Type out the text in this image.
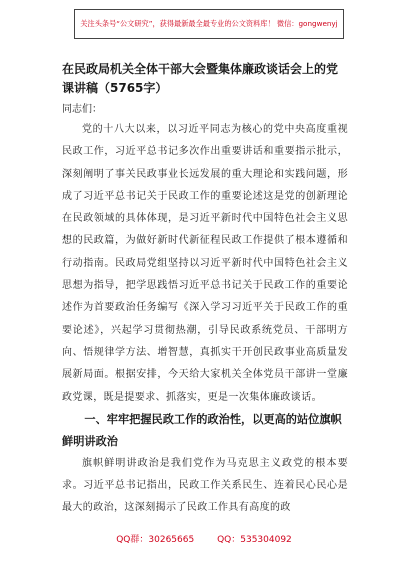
关注头条号“公文研究”，获得最新最全最专业的公文资料库！ 微信：gongwenyj

在民政局机关全体干部大会暨集体廉政谈话会上的党课讲稿（5765字）

同志们：

党的十八大以来，以习近平同志为核心的党中央高度重视民政工作，习近平总书记多次作出重要讲话和重要指示批示，深刻阐明了事关民政事业长远发展的重大理论和实践问题，形成了习近平总书记关于民政工作的重要论述这是党的创新理论在民政领域的具体体现，是习近平新时代中国特色社会主义思想的民政篇，为做好新时代新征程民政工作提供了根本遵循和行动指南。民政局党组坚持以习近平新时代中国特色社会主义思想为指导，把学思践悟习近平总书记关于民政工作的重要论述作为首要政治任务编写《深入学习习近平关于民政工作的重要论述》，兴起学习贯彻热潮，引导民政系统党员、干部明方向、悟规律学方法、增智慧，真抓实干开创民政事业高质量发展新局面。根据安排，今天给大家机关全体党员干部讲一堂廉政党课，既是提要求、抓落实，更是一次集体廉政谈话。

一、牢牢把握民政工作的政治性，以更高的站位旗帜鲜明讲政治

旗帜鲜明讲政治是我们党作为马克思主义政党的根本要求。习近平总书记指出，民政工作关系民生、连着民心民心是最大的政治，这深刻揭示了民政工作具有高度的政

QQ群：30265665	QQ：535304092
